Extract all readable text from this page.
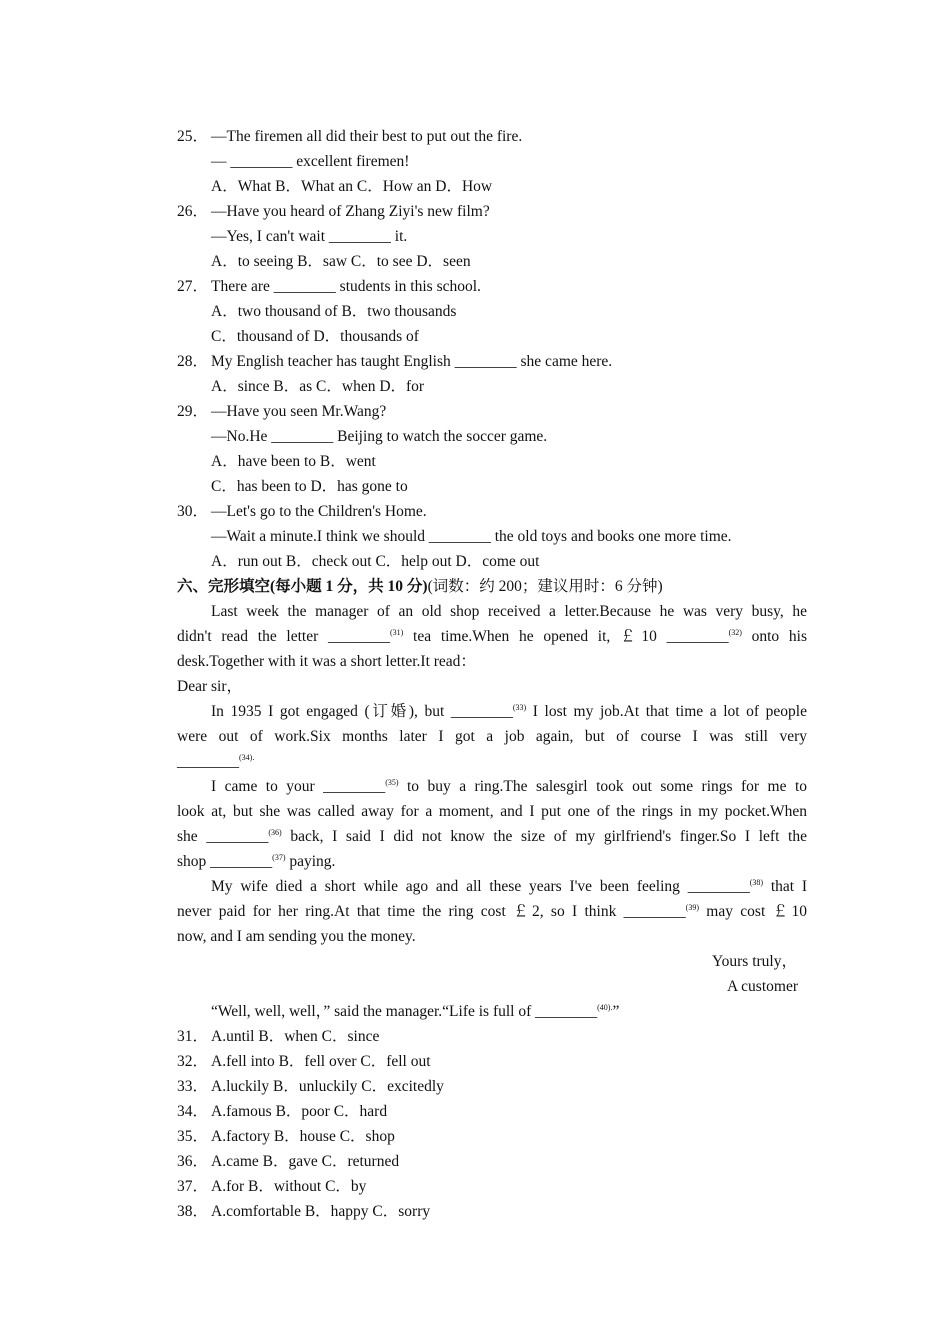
25． —The firemen all did their best to put out the fire.
— ________ excellent firemen!
A．What B．What an C．How an D．How
26． —Have you heard of Zhang Ziyi's new film?
—Yes, I can't wait ________ it.
A．to seeing B．saw C．to see D．seen
27． There are ________ students in this school.
A．two thousand of B．two thousands
C．thousand of D．thousands of
28． My English teacher has taught English ________ she came here.
A．since B．as C．when D．for
29． —Have you seen Mr.Wang?
—No.He ________ Beijing to watch the soccer game.
A．have been to B．went
C．has been to D．has gone to
30． —Let's go to the Children's Home.
—Wait a minute.I think we should ________ the old toys and books one more time.
A．run out B．check out C．help out D．come out
六、完形填空(每小题 1 分，共 10 分)(词数：约 200；建议用时：6 分钟)
Last week the manager of an old shop received a letter.Because he was very busy, he
didn't read the letter ________$^{(31)}$ tea time.When he opened it, ￡10 ________$^{(32)}$ onto his
desk.Together with it was a short letter.It read：
Dear sir，
In 1935 I got engaged (订婚), but ________$^{(33)}$ I lost my job.At that time a lot of people
were out of work.Six months later I got a job again, but of course I was still very
________$^{(34).}$
I came to your ________$^{(35)}$ to buy a ring.The salesgirl took out some rings for me to
look at, but she was called away for a moment, and I put one of the rings in my pocket.When
she ________$^{(36)}$ back, I said I did not know the size of my girlfriend's finger.So I left the
shop ________$^{(37)}$ paying.
My wife died a short while ago and all these years I've been feeling ________$^{(38)}$ that I
never paid for her ring.At that time the ring cost ￡2, so I think ________$^{(39)}$ may cost ￡10
now, and I am sending you the money.
Yours truly，
A customer
“Well, well, well，” said the manager.“Life is full of ________$^{(40).}$”
31． A.until B．when C．since
32． A.fell into B．fell over C．fell out
33． A.luckily B．unluckily C．excitedly
34． A.famous B．poor C．hard
35． A.factory B．house C．shop
36． A.came B．gave C．returned
37． A.for B．without C．by
38． A.comfortable B．happy C．sorry
